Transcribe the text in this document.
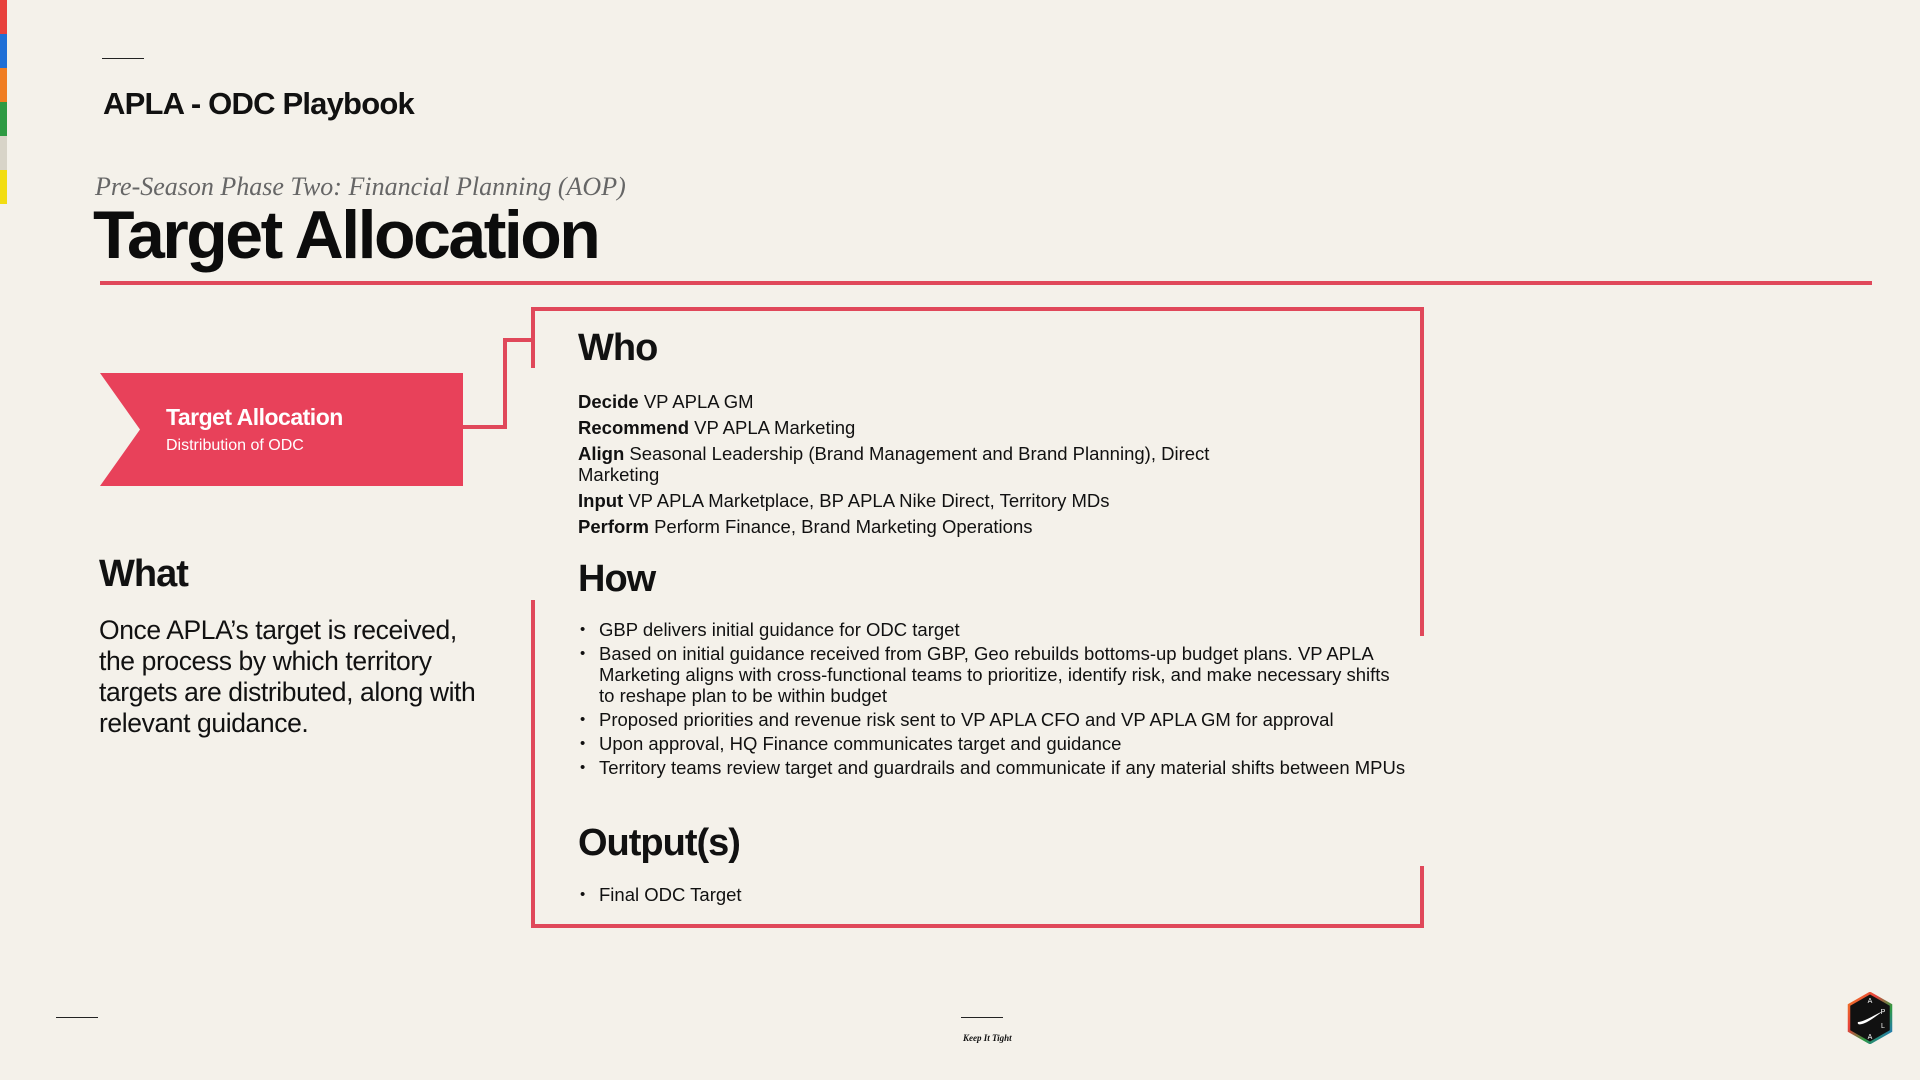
APLA - ODC Playbook
Pre-Season Phase Two: Financial Planning (AOP)
Target Allocation
Target Allocation
Distribution of ODC
What
Once APLA’s target is received, the process by which territory targets are distributed, along with relevant guidance.
Who
Decide VP APLA GM
Recommend VP APLA Marketing
Align Seasonal Leadership (Brand Management and Brand Planning), Direct Marketing
Input VP APLA Marketplace, BP APLA Nike Direct, Territory MDs
Perform Perform Finance, Brand Marketing Operations
How
• GBP delivers initial guidance for ODC target
• Based on initial guidance received from GBP, Geo rebuilds bottoms-up budget plans. VP APLA Marketing aligns with cross-functional teams to prioritize, identify risk, and make necessary shifts to reshape plan to be within budget
• Proposed priorities and revenue risk sent to VP APLA CFO and VP APLA GM for approval
• Upon approval, HQ Finance communicates target and guidance
• Territory teams review target and guardrails and communicate if any material shifts between MPUs
Output(s)
• Final ODC Target
Keep It Tight
A
P
L
A
